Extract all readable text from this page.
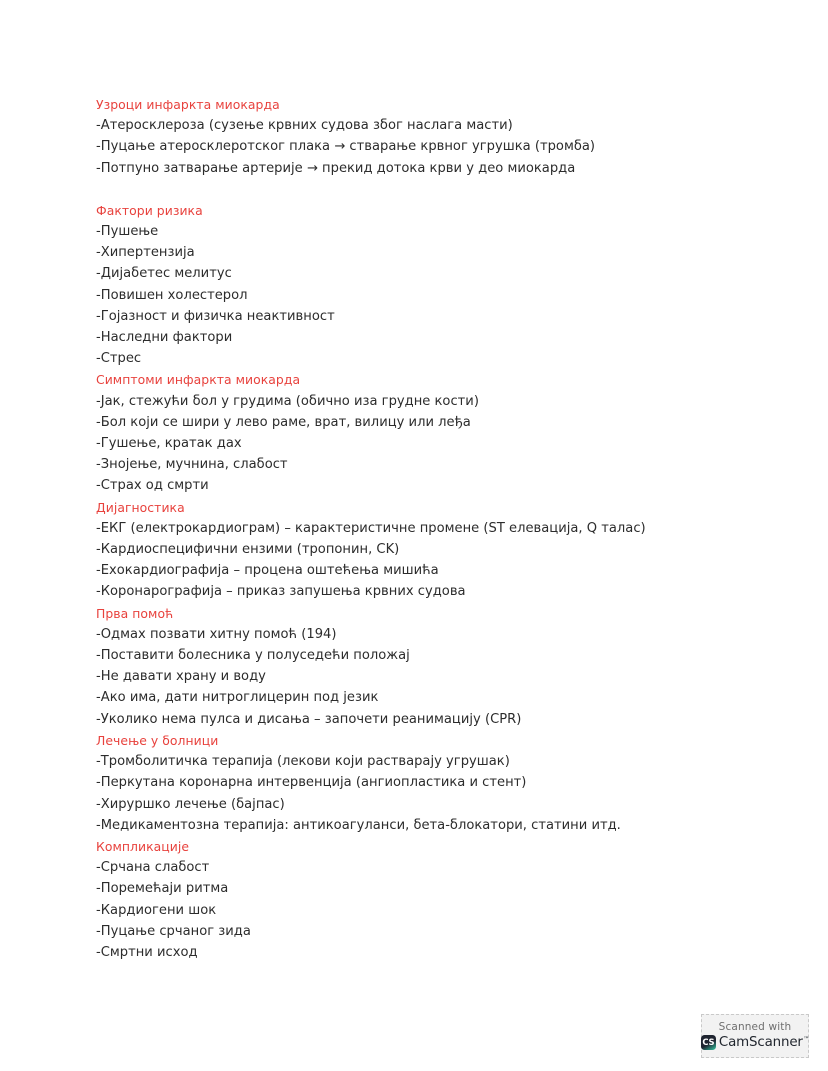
Узроци инфаркта миокарда
-Атеросклероза (сузење крвних судова због наслага масти)
-Пуцање атеросклеротског плака → стварање крвног угрушка (тромба)
-Потпуно затварање артерије → прекид дотока крви у део миокарда
Фактори ризика
-Пушење
-Хипертензија
-Дијабетес мелитус
-Повишен холестерол
-Гојазност и физичка неактивност
-Наследни фактори
-Стрес
Симптоми инфаркта миокарда
-Јак, стежући бол у грудима (обично иза грудне кости)
-Бол који се шири у лево раме, врат, вилицу или леђа
-Гушење, кратак дах
-Знојење, мучнина, слабост
-Страх од смрти
Дијагностика
-ЕКГ (електрокардиограм) – карактеристичне промене (ST елевација, Q талас)
-Кардиоспецифични ензими (тропонин, CK)
-Ехокардиографија – процена оштећења мишића
-Коронарографија – приказ запушења крвних судова
Прва помоћ
-Одмах позвати хитну помоћ (194)
-Поставити болесника у полуседећи положај
-Не давати храну и воду
-Ако има, дати нитроглицерин под језик
-Уколико нема пулса и дисања – започети реанимацију (CPR)
Лечење у болници
-Тромболитичка терапија (лекови који растварају угрушак)
-Перкутана коронарна интервенција (ангиопластика и стент)
-Хируршко лечење (бајпас)
-Медикаментозна терапија: антикоагуланси, бета-блокатори, статини итд.
Компликације
-Срчана слабост
-Поремећаји ритма
-Кардиогени шок
-Пуцање срчаног зида
-Смртни исход
Scanned with
CS CamScanner™
